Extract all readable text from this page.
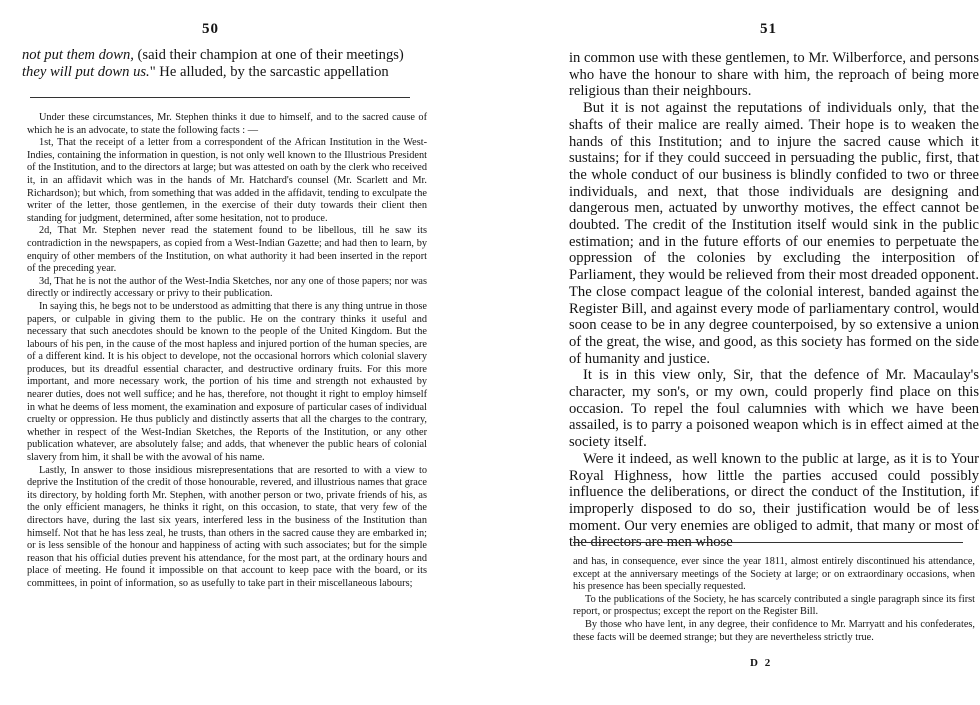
50

not put them down, (said their champion at one of their meetings)
they will put down us." He alluded, by the sarcastic appellation

Under these circumstances, Mr. Stephen thinks it due to himself, and to the sacred cause of which he is an advocate, to state the following facts : —

1st, That the receipt of a letter from a correspondent of the African Institution in the West-Indies, containing the information in question, is not only well known to the Illustrious President of the Institution, and to the directors at large; but was attested on oath by the clerk who received it, in an affidavit which was in the hands of Mr. Hatchard's counsel (Mr. Scarlett and Mr. Richardson); but which, from something that was added in the affidavit, tending to exculpate the writer of the letter, those gentlemen, in the exercise of their duty towards their client then standing for judgment, determined, after some hesitation, not to produce.

2d, That Mr. Stephen never read the statement found to be libellous, till he saw its contradiction in the newspapers, as copied from a West-Indian Gazette; and had then to learn, by enquiry of other members of the Institution, on what authority it had been inserted in the report of the preceding year.

3d, That he is not the author of the West-India Sketches, nor any one of those papers; nor was directly or indirectly accessary or privy to their publication.

In saying this, he begs not to be understood as admitting that there is any thing untrue in those papers, or culpable in giving them to the public. He on the contrary thinks it useful and necessary that such anecdotes should be known to the people of the United Kingdom. But the labours of his pen, in the cause of the most hapless and injured portion of the human species, are of a different kind. It is his object to develope, not the occasional horrors which colonial slavery produces, but its dreadful essential character, and destructive ordinary fruits. For this more important, and more necessary work, the portion of his time and strength not exhausted by nearer duties, does not well suffice; and he has, therefore, not thought it right to employ himself in what he deems of less moment, the examination and exposure of particular cases of individual cruelty or oppression. He thus publicly and distinctly asserts that all the charges to the contrary, whether in respect of the West-Indian Sketches, the Reports of the Institution, or any other publication whatever, are absolutely false; and adds, that whenever the public hears of colonial slavery from him, it shall be with the avowal of his name.

Lastly, In answer to those insidious misrepresentations that are resorted to with a view to deprive the Institution of the credit of those honourable, revered, and illustrious names that grace its directory, by holding forth Mr. Stephen, with another person or two, private friends of his, as the only efficient managers, he thinks it right, on this occasion, to state, that very few of the directors have, during the last six years, interfered less in the business of the Institution than himself. Not that he has less zeal, he trusts, than others in the sacred cause they are embarked in; or is less sensible of the honour and happiness of acting with such associates; but for the simple reason that his official duties prevent his attendance, for the most part, at the ordinary hours and place of meeting. He found it impossible on that account to keep pace with the board, or its committees, in point of information, so as usefully to take part in their miscellaneous labours;

51

in common use with these gentlemen, to Mr. Wilberforce, and persons who have the honour to share with him, the reproach of being more religious than their neighbours.

But it is not against the reputations of individuals only, that the shafts of their malice are really aimed. Their hope is to weaken the hands of this Institution; and to injure the sacred cause which it sustains; for if they could succeed in persuading the public, first, that the whole conduct of our business is blindly confided to two or three individuals, and next, that those individuals are designing and dangerous men, actuated by unworthy motives, the effect cannot be doubted. The credit of the Institution itself would sink in the public estimation; and in the future efforts of our enemies to perpetuate the oppression of the colonies by excluding the interposition of Parliament, they would be relieved from their most dreaded opponent. The close compact league of the colonial interest, banded against the Register Bill, and against every mode of parliamentary control, would soon cease to be in any degree counterpoised, by so extensive a union of the great, the wise, and good, as this society has formed on the side of humanity and justice.

It is in this view only, Sir, that the defence of Mr. Macaulay's character, my son's, or my own, could properly find place on this occasion. To repel the foul calumnies with which we have been assailed, is to parry a poisoned weapon which is in effect aimed at the society itself.

Were it indeed, as well known to the public at large, as it is to Your Royal Highness, how little the parties accused could possibly influence the deliberations, or direct the conduct of the Institution, if improperly disposed to do so, their justification would be of less moment. Our very enemies are obliged to admit, that many or most of the directors are men whose

and has, in consequence, ever since the year 1811, almost entirely discontinued his attendance, except at the anniversary meetings of the Society at large; or on extraordinary occasions, when his presence has been specially requested.

To the publications of the Society, he has scarcely contributed a single paragraph since its first report, or prospectus; except the report on the Register Bill.

By those who have lent, in any degree, their confidence to Mr. Marryatt and his confederates, these facts will be deemed strange; but they are nevertheless strictly true.

D 2
